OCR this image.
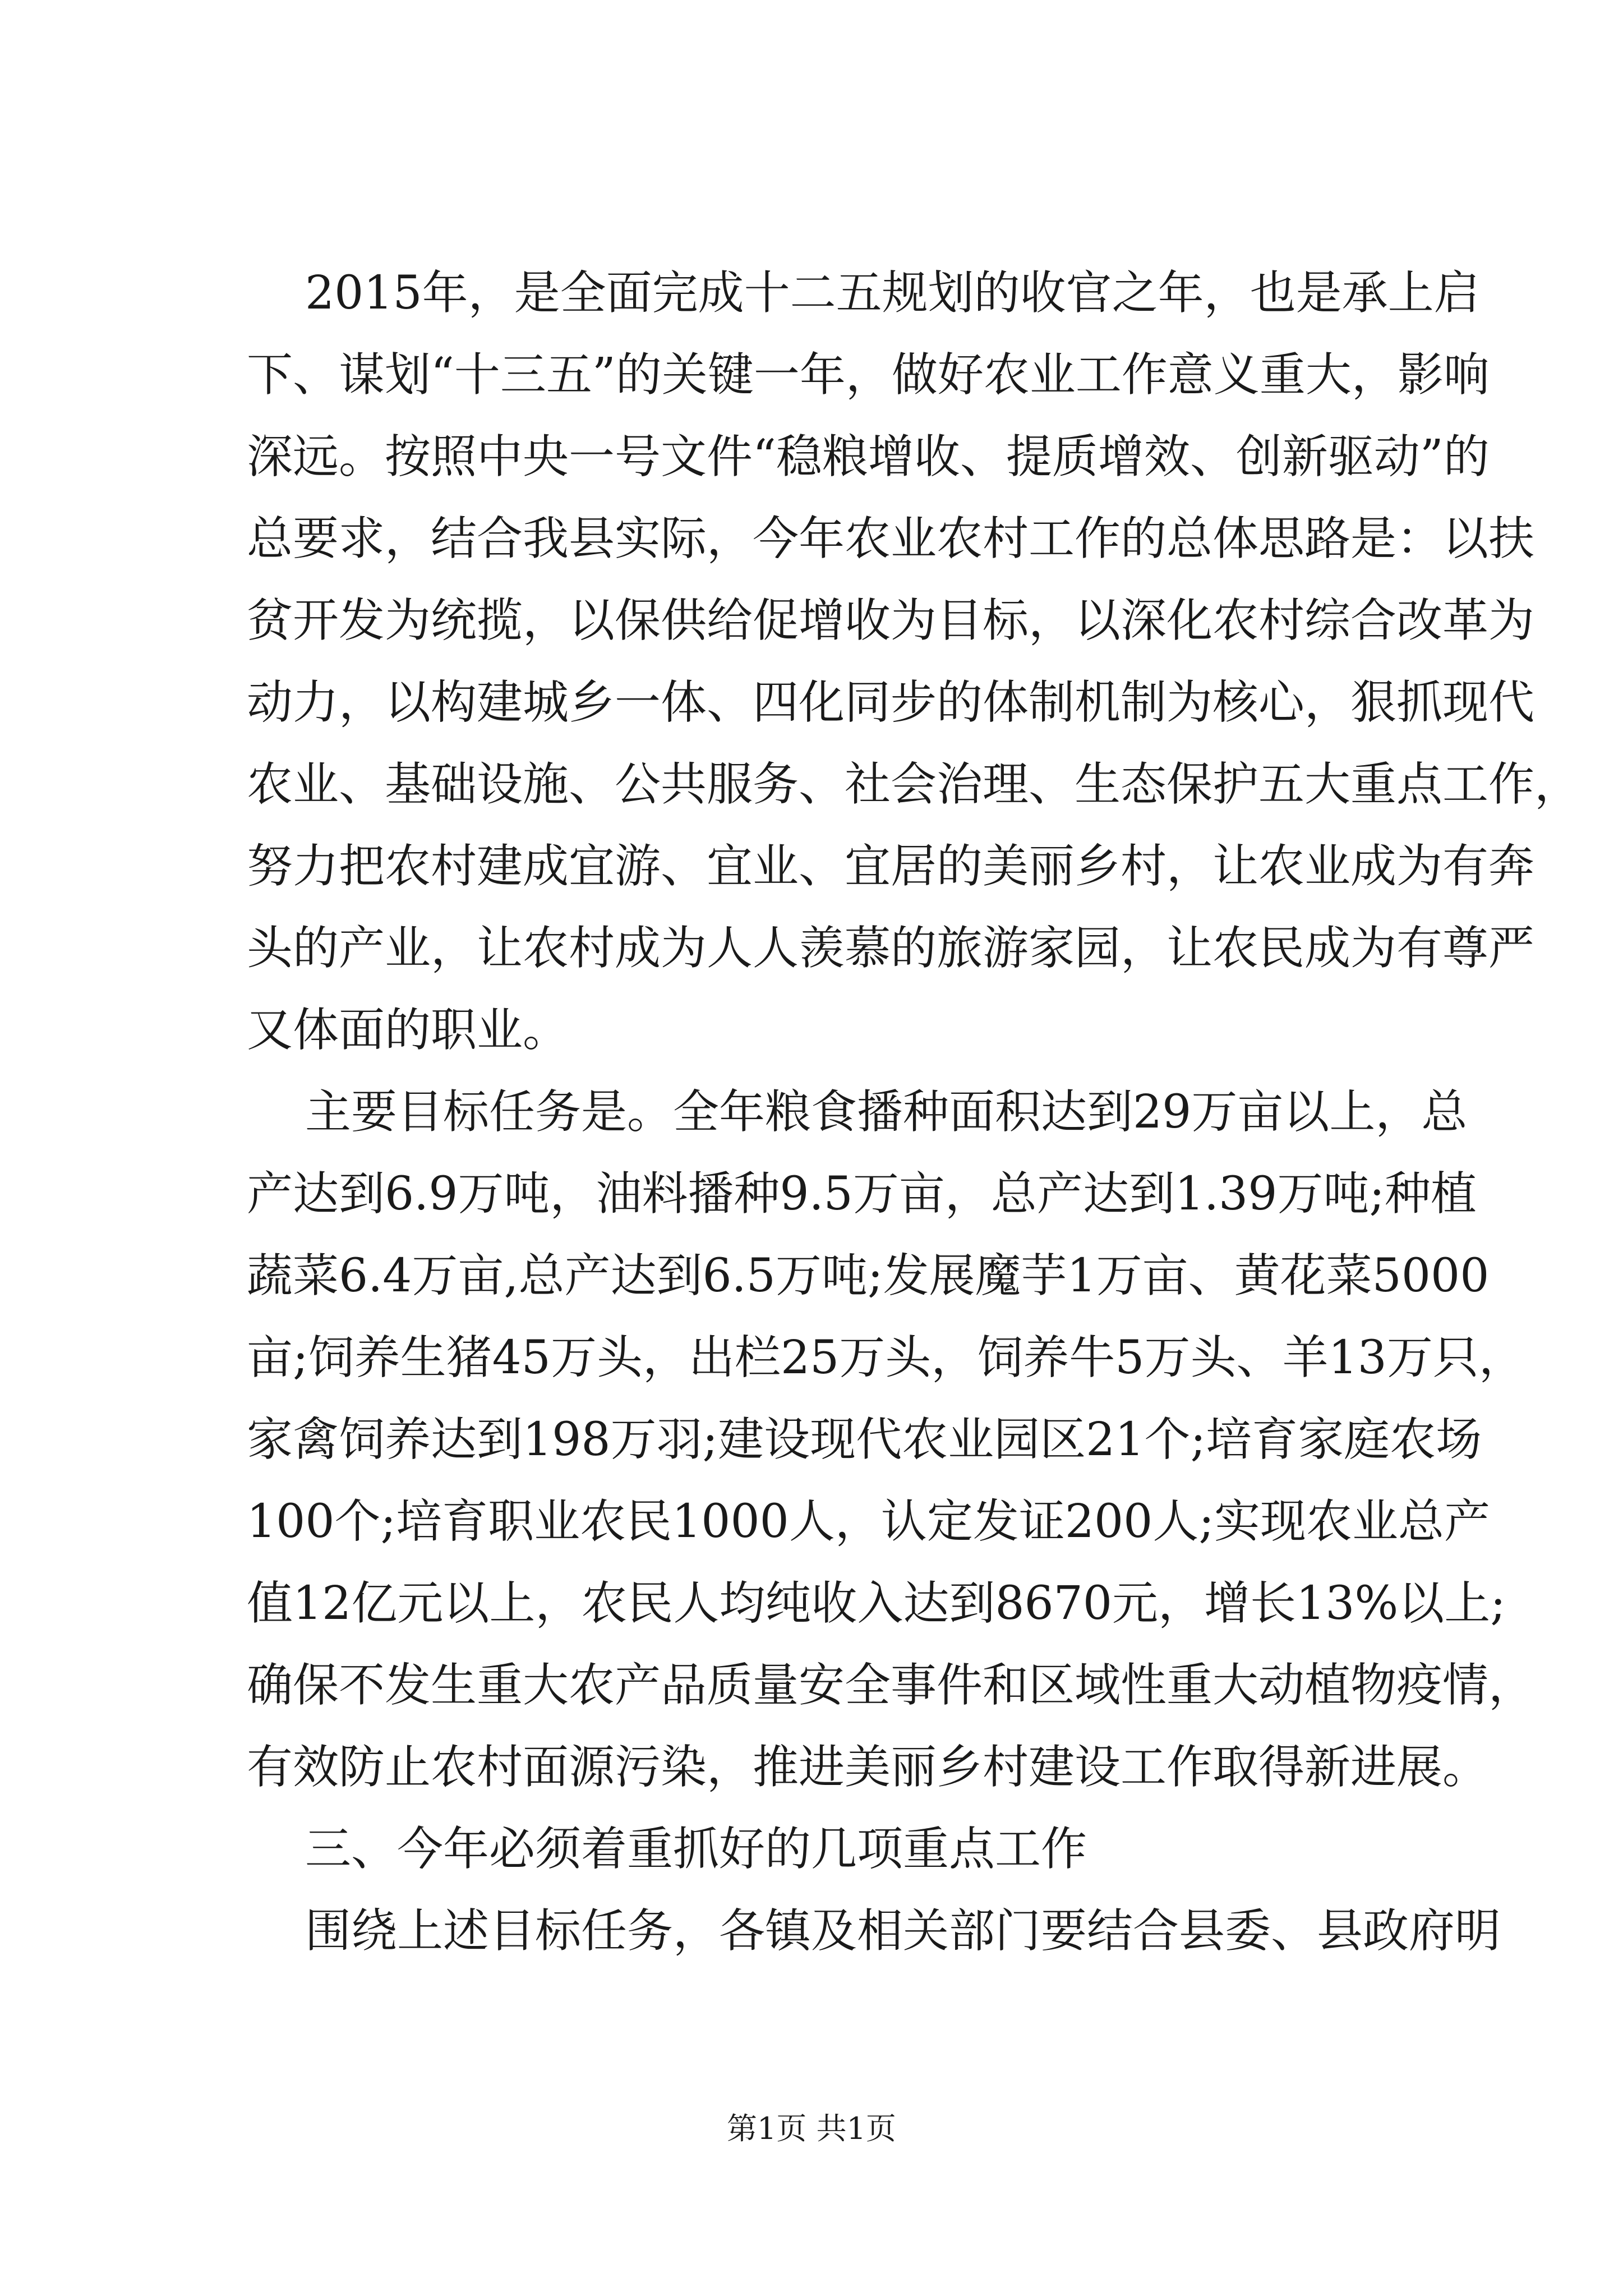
2015年，是全面完成十二五规划的收官之年，也是承上启
下、谋划“十三五”的关键一年，做好农业工作意义重大，影响
深远。按照中央一号文件“稳粮增收、提质增效、创新驱动”的
总要求，结合我县实际，今年农业农村工作的总体思路是：以扶
贫开发为统揽，以保供给促增收为目标，以深化农村综合改革为
动力，以构建城乡一体、四化同步的体制机制为核心，狠抓现代
农业、基础设施、公共服务、社会治理、生态保护五大重点工作，
努力把农村建成宜游、宜业、宜居的美丽乡村，让农业成为有奔
头的产业，让农村成为人人羡慕的旅游家园，让农民成为有尊严
又体面的职业。
主要目标任务是。全年粮食播种面积达到29万亩以上，总
产达到6.9万吨，油料播种9.5万亩，总产达到1.39万吨;种植
蔬菜6.4万亩,总产达到6.5万吨;发展魔芋1万亩、黄花菜5000
亩;饲养生猪45万头，出栏25万头，饲养牛5万头、羊13万只，
家禽饲养达到198万羽;建设现代农业园区21个;培育家庭农场
100个;培育职业农民1000人，认定发证200人;实现农业总产
值12亿元以上，农民人均纯收入达到8670元，增长13%以上;
确保不发生重大农产品质量安全事件和区域性重大动植物疫情，
有效防止农村面源污染，推进美丽乡村建设工作取得新进展。
三、今年必须着重抓好的几项重点工作
围绕上述目标任务，各镇及相关部门要结合县委、县政府明
第1页 共1页
